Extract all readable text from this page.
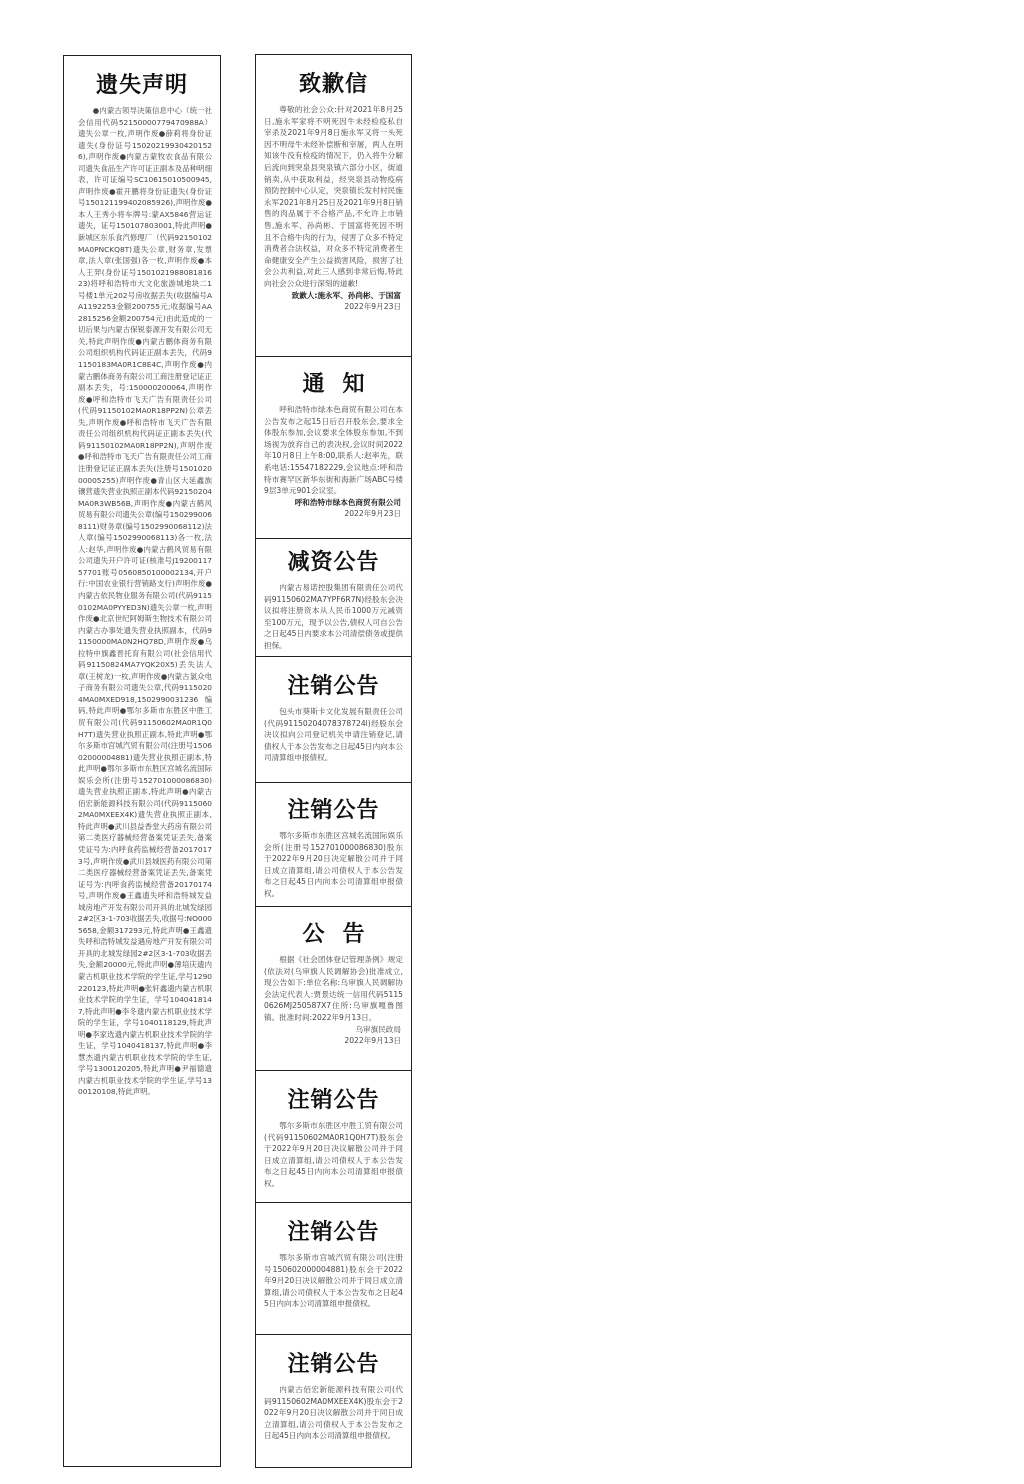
遗失声明

●内蒙古领导决策信息中心（统一社会信用代码52150000779470988A）遗失公章一枚,声明作废●薛莉将身份证遗失(身份证号150202199304201526),声明作废●内蒙古蒙牧农食品有限公司遗失食品生产许可证正副本及品种明细表，许可证编号SC10615010500945,声明作废●霍开鹏将身份证遗失(身份证号150121199402085926),声明作废●本人王秀小将车牌号:蒙AX5846营运证遗失，证号150107803001,特此声明●新城区东乐食汽修理厂（代码92150102MA0PNCKQ8T)遗失公章,财务章,发票章,法人章(张国强)各一枚,声明作废●本人王羿(身份证号150102198808181623)将呼和浩特市大文化旅游城地块二1号楼1单元202号房收据丢失(收据编号AA1192253金额200755元;收据编号AA2815256金额200754元)由此造成的一切后果与内蒙古保锐泰源开发有限公司无关,特此声明作废●内蒙古鹏体商务有限公司组织机构代码证正副本丢失，代码91150183MA0R1C8E4C,声明作废●内蒙古鹏体商务有限公司工商注册登记证正副本丢失，号:150000200064,声明作废●呼和浩特市飞天广告有限责任公司(代码91150102MA0R18PP2N)公章丢失,声明作废●呼和浩特市飞天广告有限责任公司组织机构代码证正副本丢失(代码91150102MA0R18PP2N),声明作废●呼和浩特市飞天广告有限责任公司工商注册登记证正副本丢失(注册号150102000005255)声明作废●青山区大延鑫族镶营遗失营业执照正副本代码92150204MA0R3WB56B,声明作废●内蒙古鹤风贸易有限公司遗失公章(编号1502990068111)财务章(编号1502990068112)法人章(编号1502990068113)各一枚,法人:赵华,声明作废●内蒙古鹤风贸易有限公司遗失开户许可证(核准号J1920011757701账号0560850100002134,开户行:中国农业银行营销路支行)声明作废●内蒙古依民物业服务有限公司(代码91150102MA0PYYED3N)遗失公章一枚,声明作废●北京世纪阿姆斯生物技术有限公司内蒙古办事处遗失营业执照副本，代码91150000MA0N2HQ78D,声明作废●乌拉特中旗鑫晋托育有限公司(社会信用代码91150824MA7YQK20X5)丢失法人章(王树龙)一枚,声明作废●内蒙古氯众电子商务有限公司遗失公章,代码91150204MA0MXED918,1502990031236编码,特此声明●鄂尔多斯市东胜区中胜工贸有限公司(代码91150602MA0R1Q0H7T)遗失营业执照正副本,特此声明●鄂尔多斯市宫城汽贸有限公司(注册号150602000004881)遗失营业执照正副本,特此声明●鄂尔多斯市东胜区宫城名流国际娱乐会所(注册号152701000086830)遗失营业执照正副本,特此声明●内蒙古佰宏新能源科技有限公司(代码91150602MA0MXEEX4K)遗失营业执照正副本,特此声明●武川县益香堂大药房有限公司第二类医疗器械经营备案凭证丢失,备案凭证号为:内呼食药监械经营备20170173号,声明作废●武川县城医药有限公司第二类医疗器械经营备案凭证丢失,备案凭证号为:内呼食药监械经营备20170174号,声明作废●王鑫遗失呼和浩特城发益城房地产开发有限公司开具的北城发绿园2#2区3-1-703收据丢失,收据号:NO0005658,金额317293元,特此声明●王鑫遗失呼和浩特城发益遇房地产开发有限公司开具的北城发绿园2#2区3-1-703收据丢失,金额20000元,特此声明●薄培庆遗内蒙古机职业技术学院的学生证,学号1290220123,特此声明●张轩鑫遗内蒙古机职业技术学院的学生证，学号1040418147,特此声明●李冬遗内蒙古机职业技术学院的学生证，学号1040118129,特此声明●李家选遗内蒙古机职业技术学院的学生证，学号1040418137,特此声明●李慧杰遗内蒙古机职业技术学院的学生证,学号1300120205,特此声明●尹福德遗内蒙古机职业技术学院的学生证,学号1300120108,特此声明。

致歉信

尊敬的社会公众:针对2021年8月25日,施永军家将不明死因牛未经检疫私自宰杀及2021年9月8日施永军又将一头死因不明母牛未经补偿断和宰屠，两人在明知该牛没有检疫的情况下，仍入将牛分解后流向到突泉县突泉镇六部分小区，街道销卖,从中获取利益，经突泉县动物疫病预防控制中心认定，突泉镇长发村村民施永军2021年8月25日及2021年9月8日销售的肉品属于不合格产品,不允许上市销售,施永军、孙尚彬、于国富将死因不明且不合格牛肉的行为，侵害了众多不特定消费者合法权益，对众多不特定消费者生命健康安全产生公益损害风险，损害了社会公共利益,对此三人感到非常后悔,特此向社会公众进行深刻的道歉!

致歉人:施永军、孙尚彬、于国富

2022年9月23日

通知

呼和浩特市绿本色商贸有限公司在本公告发布之起15日后召开股东会,要求全体股东参加,会议要求全体股东参加,不到场视为放弃自己的表决权,会议时间2022年10月8日上午8:00,联系人:赵率先，联系电话:15547182229,会议地点:呼和浩特市赛罕区新华东街和海新广场ABC号楼9层3单元901会议室。

呼和浩特市绿本色商贸有限公司

2022年9月23日

减资公告

内蒙古易诺控股集团有限责任公司代码91150602MA7YPF6R7N)经股东会决议拟将注册资本从人民币1000万元减资至100万元，现予以公告,债权人可自公告之日起45日内要求本公司清偿债务或提供担保。

注销公告

包头市葵斯卡文化发展有限责任公司(代码91150204078378724l)经股东会决议拟向公司登记机关申请注销登记,请债权人于本公告发布之日起45日内向本公司清算组申报债权。

注销公告

鄂尔多斯市东胜区宫城名流国际娱乐会所(注册号152701000086830)股东于2022年9月20日决定解散公司并于同日成立清算组,请公司债权人于本公告发布之日起45日内向本公司清算组申报债权。

公告

根据《社会团体登记管理条例》规定(依法对(乌审旗人民调解协会)批准成立,现公告如下:单位名称:乌审旗人民调解协会法定代表人:贾景达统一信用代码51150626MJ250587X7住所:乌审旗嘎鲁图镇。批准时间:2022年9月13日。

乌审旗民政局

2022年9月13日

注销公告

鄂尔多斯市东胜区中胜工贸有限公司(代码91150602MA0R1Q0H7T)股东会于2022年9月20日决议解散公司并于同日成立清算组,请公司债权人于本公告发布之日起45日内向本公司清算组申报债权。

注销公告

鄂尔多斯市宫城汽贸有限公司(注册号150602000004881)股东会于2022年9月20日决议解散公司并于同日成立清算组,请公司债权人于本公告发布之日起45日内向本公司清算组申报债权。

注销公告

内蒙古佰宏新能源科技有限公司(代码91150602MA0MXEEX4K)股东会于2022年9月20日决议解散公司并于同日成立清算组,请公司债权人于本公告发布之日起45日内向本公司清算组申报债权。
